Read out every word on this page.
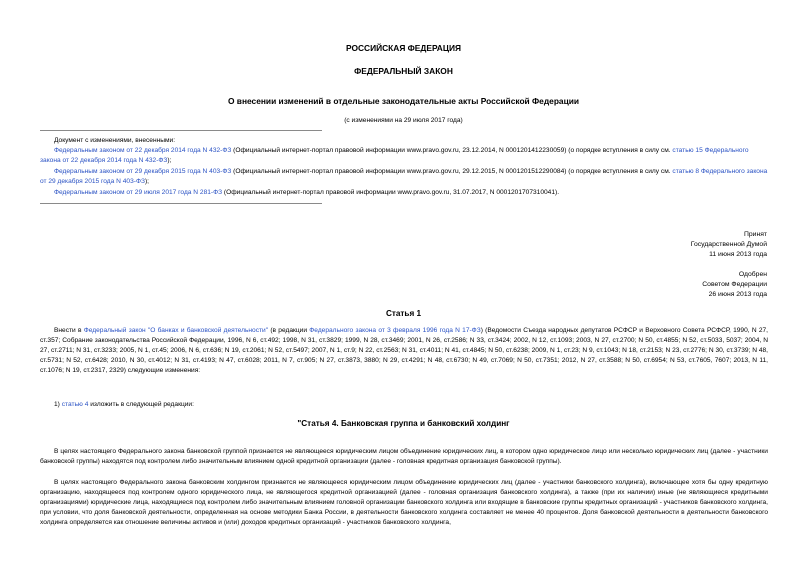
РОССИЙСКАЯ ФЕДЕРАЦИЯ
ФЕДЕРАЛЬНЫЙ ЗАКОН
О внесении изменений в отдельные законодательные акты Российской Федерации
(с изменениями на 29 июля 2017 года)
Документ с изменениями, внесенными:
Федеральным законом от 22 декабря 2014 года N 432-ФЗ (Официальный интернет-портал правовой информации www.pravo.gov.ru, 23.12.2014, N 0001201412230059) (о порядке вступления в силу см. статью 15 Федерального закона от 22 декабря 2014 года N 432-ФЗ);
Федеральным законом от 29 декабря 2015 года N 403-ФЗ (Официальный интернет-портал правовой информации www.pravo.gov.ru, 29.12.2015, N 0001201512290084) (о порядке вступления в силу см. статью 8 Федерального закона от 29 декабря 2015 года N 403-ФЗ);
Федеральным законом от 29 июля 2017 года N 281-ФЗ (Официальный интернет-портал правовой информации www.pravo.gov.ru, 31.07.2017, N 0001201707310041).
Принят
Государственной Думой
11 июня 2013 года
Одобрен
Советом Федерации
26 июня 2013 года
Статья 1
Внести в Федеральный закон "О банках и банковской деятельности" (в редакции Федерального закона от 3 февраля 1996 года N 17-ФЗ) (Ведомости Съезда народных депутатов РСФСР и Верховного Совета РСФСР, 1990, N 27, ст.357; Собрание законодательства Российской Федерации, 1996, N 6, ст.492; 1998, N 31, ст.3829; 1999, N 28, ст.3469; 2001, N 26, ст.2586; N 33, ст.3424; 2002, N 12, ст.1093; 2003, N 27, ст.2700; N 50, ст.4855; N 52, ст.5033, 5037; 2004, N 27, ст.2711; N 31, ст.3233; 2005, N 1, ст.45; 2006, N 6, ст.636; N 19, ст.2061; N 52, ст.5497; 2007, N 1, ст.9; N 22, ст.2563; N 31, ст.4011; N 41, ст.4845; N 50, ст.6238; 2009, N 1, ст.23; N 9, ст.1043; N 18, ст.2153; N 23, ст.2776; N 30, ст.3739; N 48, ст.5731; N 52, ст.6428; 2010, N 30, ст.4012; N 31, ст.4193; N 47, ст.6028; 2011, N 7, ст.905; N 27, ст.3873, 3880; N 29, ст.4291; N 48, ст.6730; N 49, ст.7069; N 50, ст.7351; 2012, N 27, ст.3588; N 50, ст.6954; N 53, ст.7605, 7607; 2013, N 11, ст.1076; N 19, ст.2317, 2329) следующие изменения:
1) статью 4 изложить в следующей редакции:
"Статья 4. Банковская группа и банковский холдинг
В целях настоящего Федерального закона банковской группой признается не являющееся юридическим лицом объединение юридических лиц, в котором одно юридическое лицо или несколько юридических лиц (далее - участники банковской группы) находятся под контролем либо значительным влиянием одной кредитной организации (далее - головная кредитная организация банковской группы).
В целях настоящего Федерального закона банковским холдингом признается не являющееся юридическим лицом объединение юридических лиц (далее - участники банковского холдинга), включающее хотя бы одну кредитную организацию, находящееся под контролем одного юридического лица, не являющегося кредитной организацией (далее - головная организация банковского холдинга), а также (при их наличии) иные (не являющиеся кредитными организациями) юридические лица, находящиеся под контролем либо значительным влиянием головной организации банковского холдинга или входящие в банковские группы кредитных организаций - участников банковского холдинга, при условии, что доля банковской деятельности, определенная на основе методики Банка России, в деятельности банковского холдинга составляет не менее 40 процентов. Доля банковской деятельности в деятельности банковского холдинга определяется как отношение величины активов и (или) доходов кредитных организаций - участников банковского холдинга,
